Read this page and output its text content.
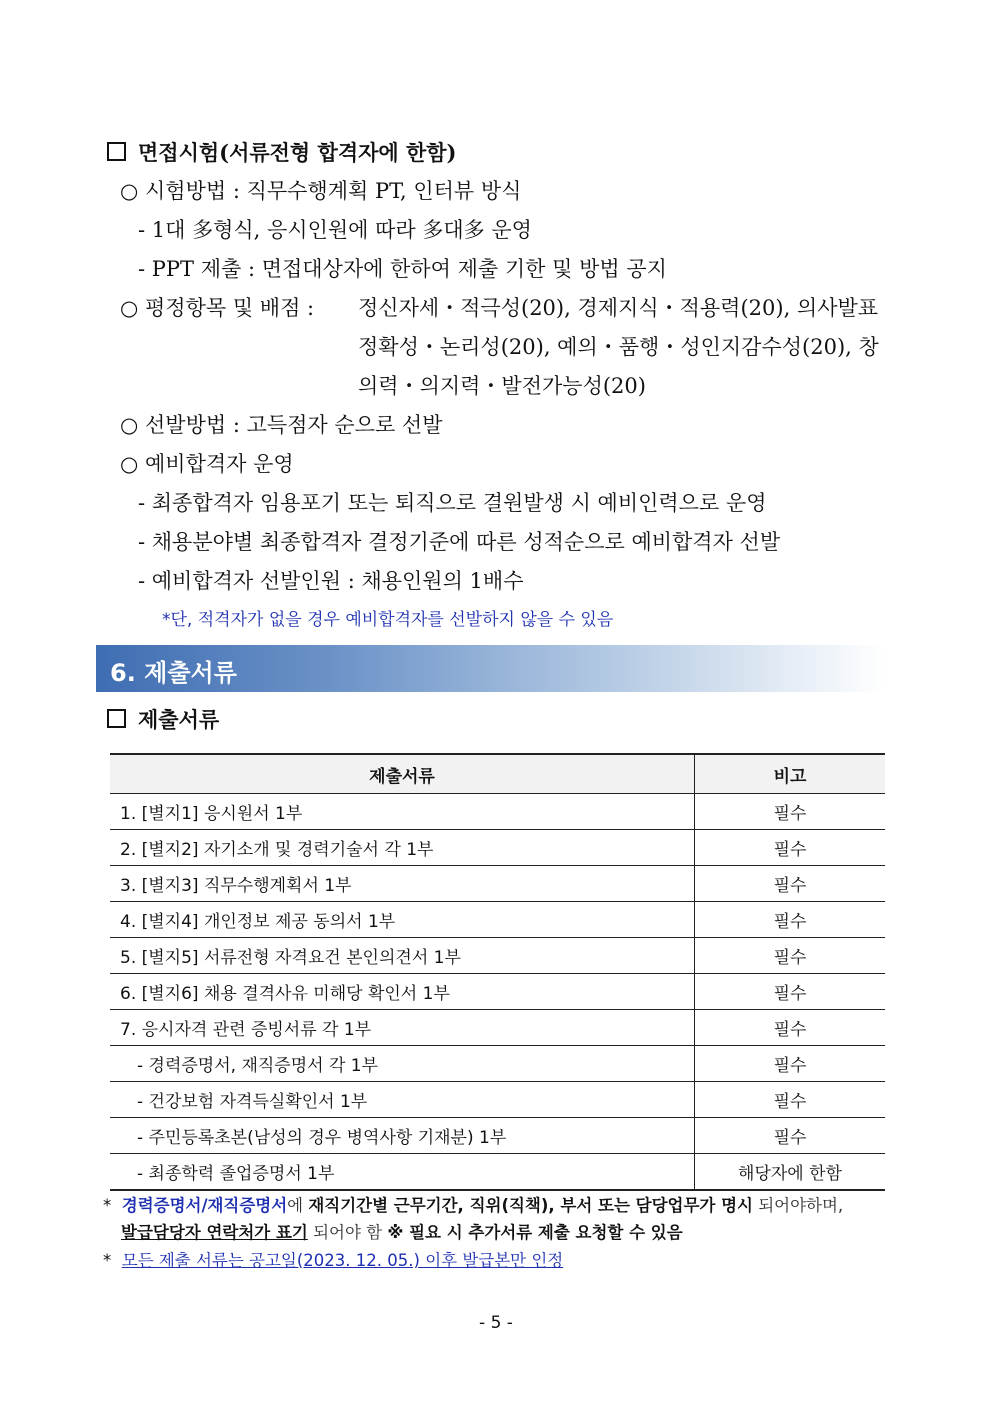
면접시험(서류전형 합격자에 한함)
○ 시험방법 : 직무수행계획 PT, 인터뷰 방식
- 1대 多형식, 응시인원에 따라 多대多 운영
- PPT 제출 : 면접대상자에 한하여 제출 기한 및 방법 공지
○ 평정항목 및 배점 : 정신자세・적극성(20), 경제지식・적용력(20), 의사발표
정확성・논리성(20), 예의・품행・성인지감수성(20), 창
의력・의지력・발전가능성(20)
○ 선발방법 : 고득점자 순으로 선발
○ 예비합격자 운영
- 최종합격자 임용포기 또는 퇴직으로 결원발생 시 예비인력으로 운영
- 채용분야별 최종합격자 결정기준에 따른 성적순으로 예비합격자 선발
- 예비합격자 선발인원 : 채용인원의 1배수
*단, 적격자가 없을 경우 예비합격자를 선발하지 않을 수 있음
6. 제출서류
제출서류
제출서류	비고
1. [별지1] 응시원서 1부	필수
2. [별지2] 자기소개 및 경력기술서 각 1부	필수
3. [별지3] 직무수행계획서 1부	필수
4. [별지4] 개인정보 제공 동의서 1부	필수
5. [별지5] 서류전형 자격요건 본인의견서 1부	필수
6. [별지6] 채용 결격사유 미해당 확인서 1부	필수
7. 응시자격 관련 증빙서류 각 1부	필수
- 경력증명서, 재직증명서 각 1부	필수
- 건강보험 자격득실확인서 1부	필수
- 주민등록초본(남성의 경우 병역사항 기재분) 1부	필수
- 최종학력 졸업증명서 1부	해당자에 한함
* 경력증명서/재직증명서에 재직기간별 근무기간, 직위(직책), 부서 또는 담당업무가 명시 되어야하며,
발급담당자 연락처가 표기 되어야 함 ※ 필요 시 추가서류 제출 요청할 수 있음
* 모든 제출 서류는 공고일(2023. 12. 05.) 이후 발급본만 인정
- 5 -
